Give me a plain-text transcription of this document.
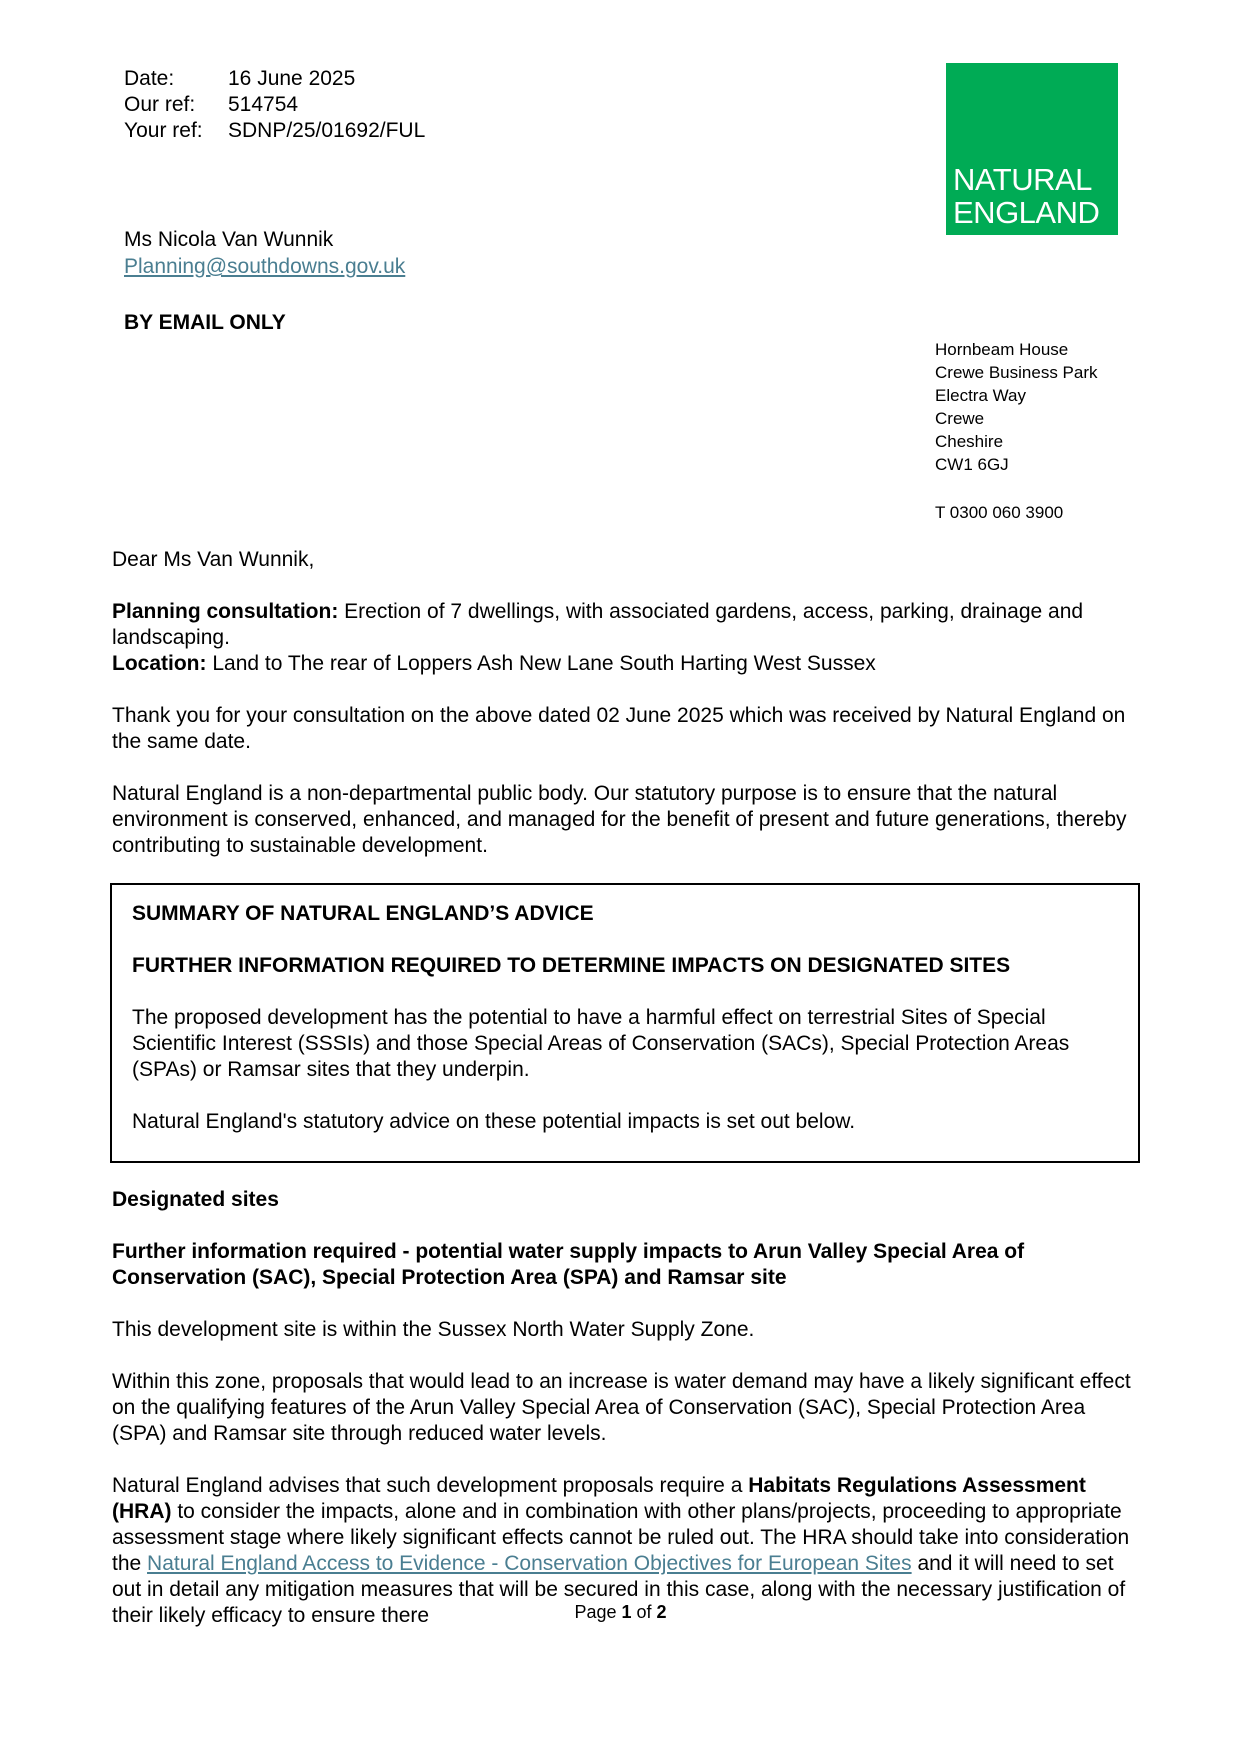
Date:	16 June 2025
Our ref:	514754
Your ref:	SDNP/25/01692/FUL
NATURAL
ENGLAND
Ms Nicola Van Wunnik
Planning@southdowns.gov.uk
BY EMAIL ONLY
Hornbeam House
Crewe Business Park
Electra Way
Crewe
Cheshire
CW1 6GJ
T 0300 060 3900

Dear Ms Van Wunnik,

Planning consultation: Erection of 7 dwellings, with associated gardens, access, parking, drainage and landscaping.
Location: Land to The rear of Loppers Ash New Lane South Harting West Sussex

Thank you for your consultation on the above dated 02 June 2025 which was received by Natural England on the same date.

Natural England is a non-departmental public body. Our statutory purpose is to ensure that the natural environment is conserved, enhanced, and managed for the benefit of present and future generations, thereby contributing to sustainable development.

SUMMARY OF NATURAL ENGLAND’S ADVICE

FURTHER INFORMATION REQUIRED TO DETERMINE IMPACTS ON DESIGNATED SITES

The proposed development has the potential to have a harmful effect on terrestrial Sites of Special Scientific Interest (SSSIs) and those Special Areas of Conservation (SACs), Special Protection Areas (SPAs) or Ramsar sites that they underpin.

Natural England's statutory advice on these potential impacts is set out below.

Designated sites

Further information required - potential water supply impacts to Arun Valley Special Area of Conservation (SAC), Special Protection Area (SPA) and Ramsar site

This development site is within the Sussex North Water Supply Zone.

Within this zone, proposals that would lead to an increase is water demand may have a likely significant effect on the qualifying features of the Arun Valley Special Area of Conservation (SAC), Special Protection Area (SPA) and Ramsar site through reduced water levels.

Natural England advises that such development proposals require a Habitats Regulations Assessment (HRA) to consider the impacts, alone and in combination with other plans/projects, proceeding to appropriate assessment stage where likely significant effects cannot be ruled out. The HRA should take into consideration the Natural England Access to Evidence - Conservation Objectives for European Sites and it will need to set out in detail any mitigation measures that will be secured in this case, along with the necessary justification of their likely efficacy to ensure there	Page 1 of 2
